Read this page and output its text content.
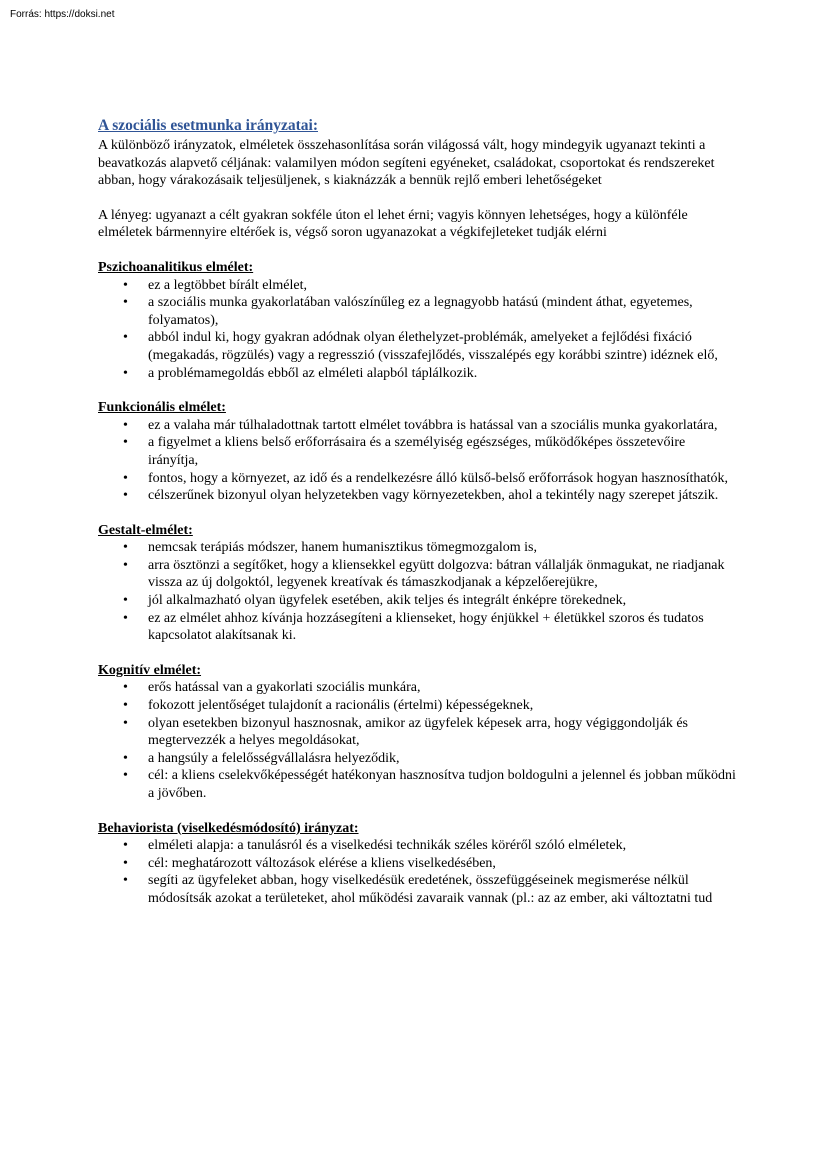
Forrás: https://doksi.net
A szociális esetmunka irányzatai:

A különböző irányzatok, elméletek összehasonlítása során világossá vált, hogy mindegyik ugyanazt tekinti a beavatkozás alapvető céljának: valamilyen módon segíteni egyéneket, családokat, csoportokat és rendszereket abban, hogy várakozásaik teljesüljenek, s kiaknázzák a bennük rejlő emberi lehetőségeket

A lényeg: ugyanazt a célt gyakran sokféle úton el lehet érni; vagyis könnyen lehetséges, hogy a különféle elméletek bármennyire eltérőek is, végső soron ugyanazokat a végkifejleteket tudják elérni

Pszichoanalitikus elmélet:
• ez a legtöbbet bírált elmélet,
• a szociális munka gyakorlatában valószínűleg ez a legnagyobb hatású (mindent áthat, egyetemes, folyamatos),
• abból indul ki, hogy gyakran adódnak olyan élethelyzet-problémák, amelyeket a fejlődési fixáció (megakadás, rögzülés) vagy a regresszió (visszafejlődés, visszalépés egy korábbi szintre) idéznek elő,
• a problémamegoldás ebből az elméleti alapból táplálkozik.
Funkcionális elmélet:
• ez a valaha már túlhaladottnak tartott elmélet továbbra is hatással van a szociális munka gyakorlatára,
• a figyelmet a kliens belső erőforrásaira és a személyiség egészséges, működőképes összetevőire irányítja,
• fontos, hogy a környezet, az idő és a rendelkezésre álló külső-belső erőforrások hogyan hasznosíthatók,
• célszerűnek bizonyul olyan helyzetekben vagy környezetekben, ahol a tekintély nagy szerepet játszik.
Gestalt-elmélet:
• nemcsak terápiás módszer, hanem humanisztikus tömegmozgalom is,
• arra ösztönzi a segítőket, hogy a kliensekkel együtt dolgozva: bátran vállalják önmagukat, ne riadjanak vissza az új dolgoktól, legyenek kreatívak és támaszkodjanak a képzelőerejükre,
• jól alkalmazható olyan ügyfelek esetében, akik teljes és integrált énképre törekednek,
• ez az elmélet ahhoz kívánja hozzásegíteni a klienseket, hogy énjükkel + életükkel szoros és tudatos kapcsolatot alakítsanak ki.
Kognitív elmélet:
• erős hatással van a gyakorlati szociális munkára,
• fokozott jelentőséget tulajdonít a racionális (értelmi) képességeknek,
• olyan esetekben bizonyul hasznosnak, amikor az ügyfelek képesek arra, hogy végiggondolják és megtervezzék a helyes megoldásokat,
• a hangsúly a felelősségvállalásra helyeződik,
• cél: a kliens cselekvőképességét hatékonyan hasznosítva tudjon boldogulni a jelennel és jobban működni a jövőben.
Behaviorista (viselkedésmódosító) irányzat:
• elméleti alapja: a tanulásról és a viselkedési technikák széles köréről szóló elméletek,
• cél: meghatározott változások elérése a kliens viselkedésében,
• segíti az ügyfeleket abban, hogy viselkedésük eredetének, összefüggéseinek megismerése nélkül módosítsák azokat a területeket, ahol működési zavaraik vannak (pl.: az az ember, aki változtatni tud
